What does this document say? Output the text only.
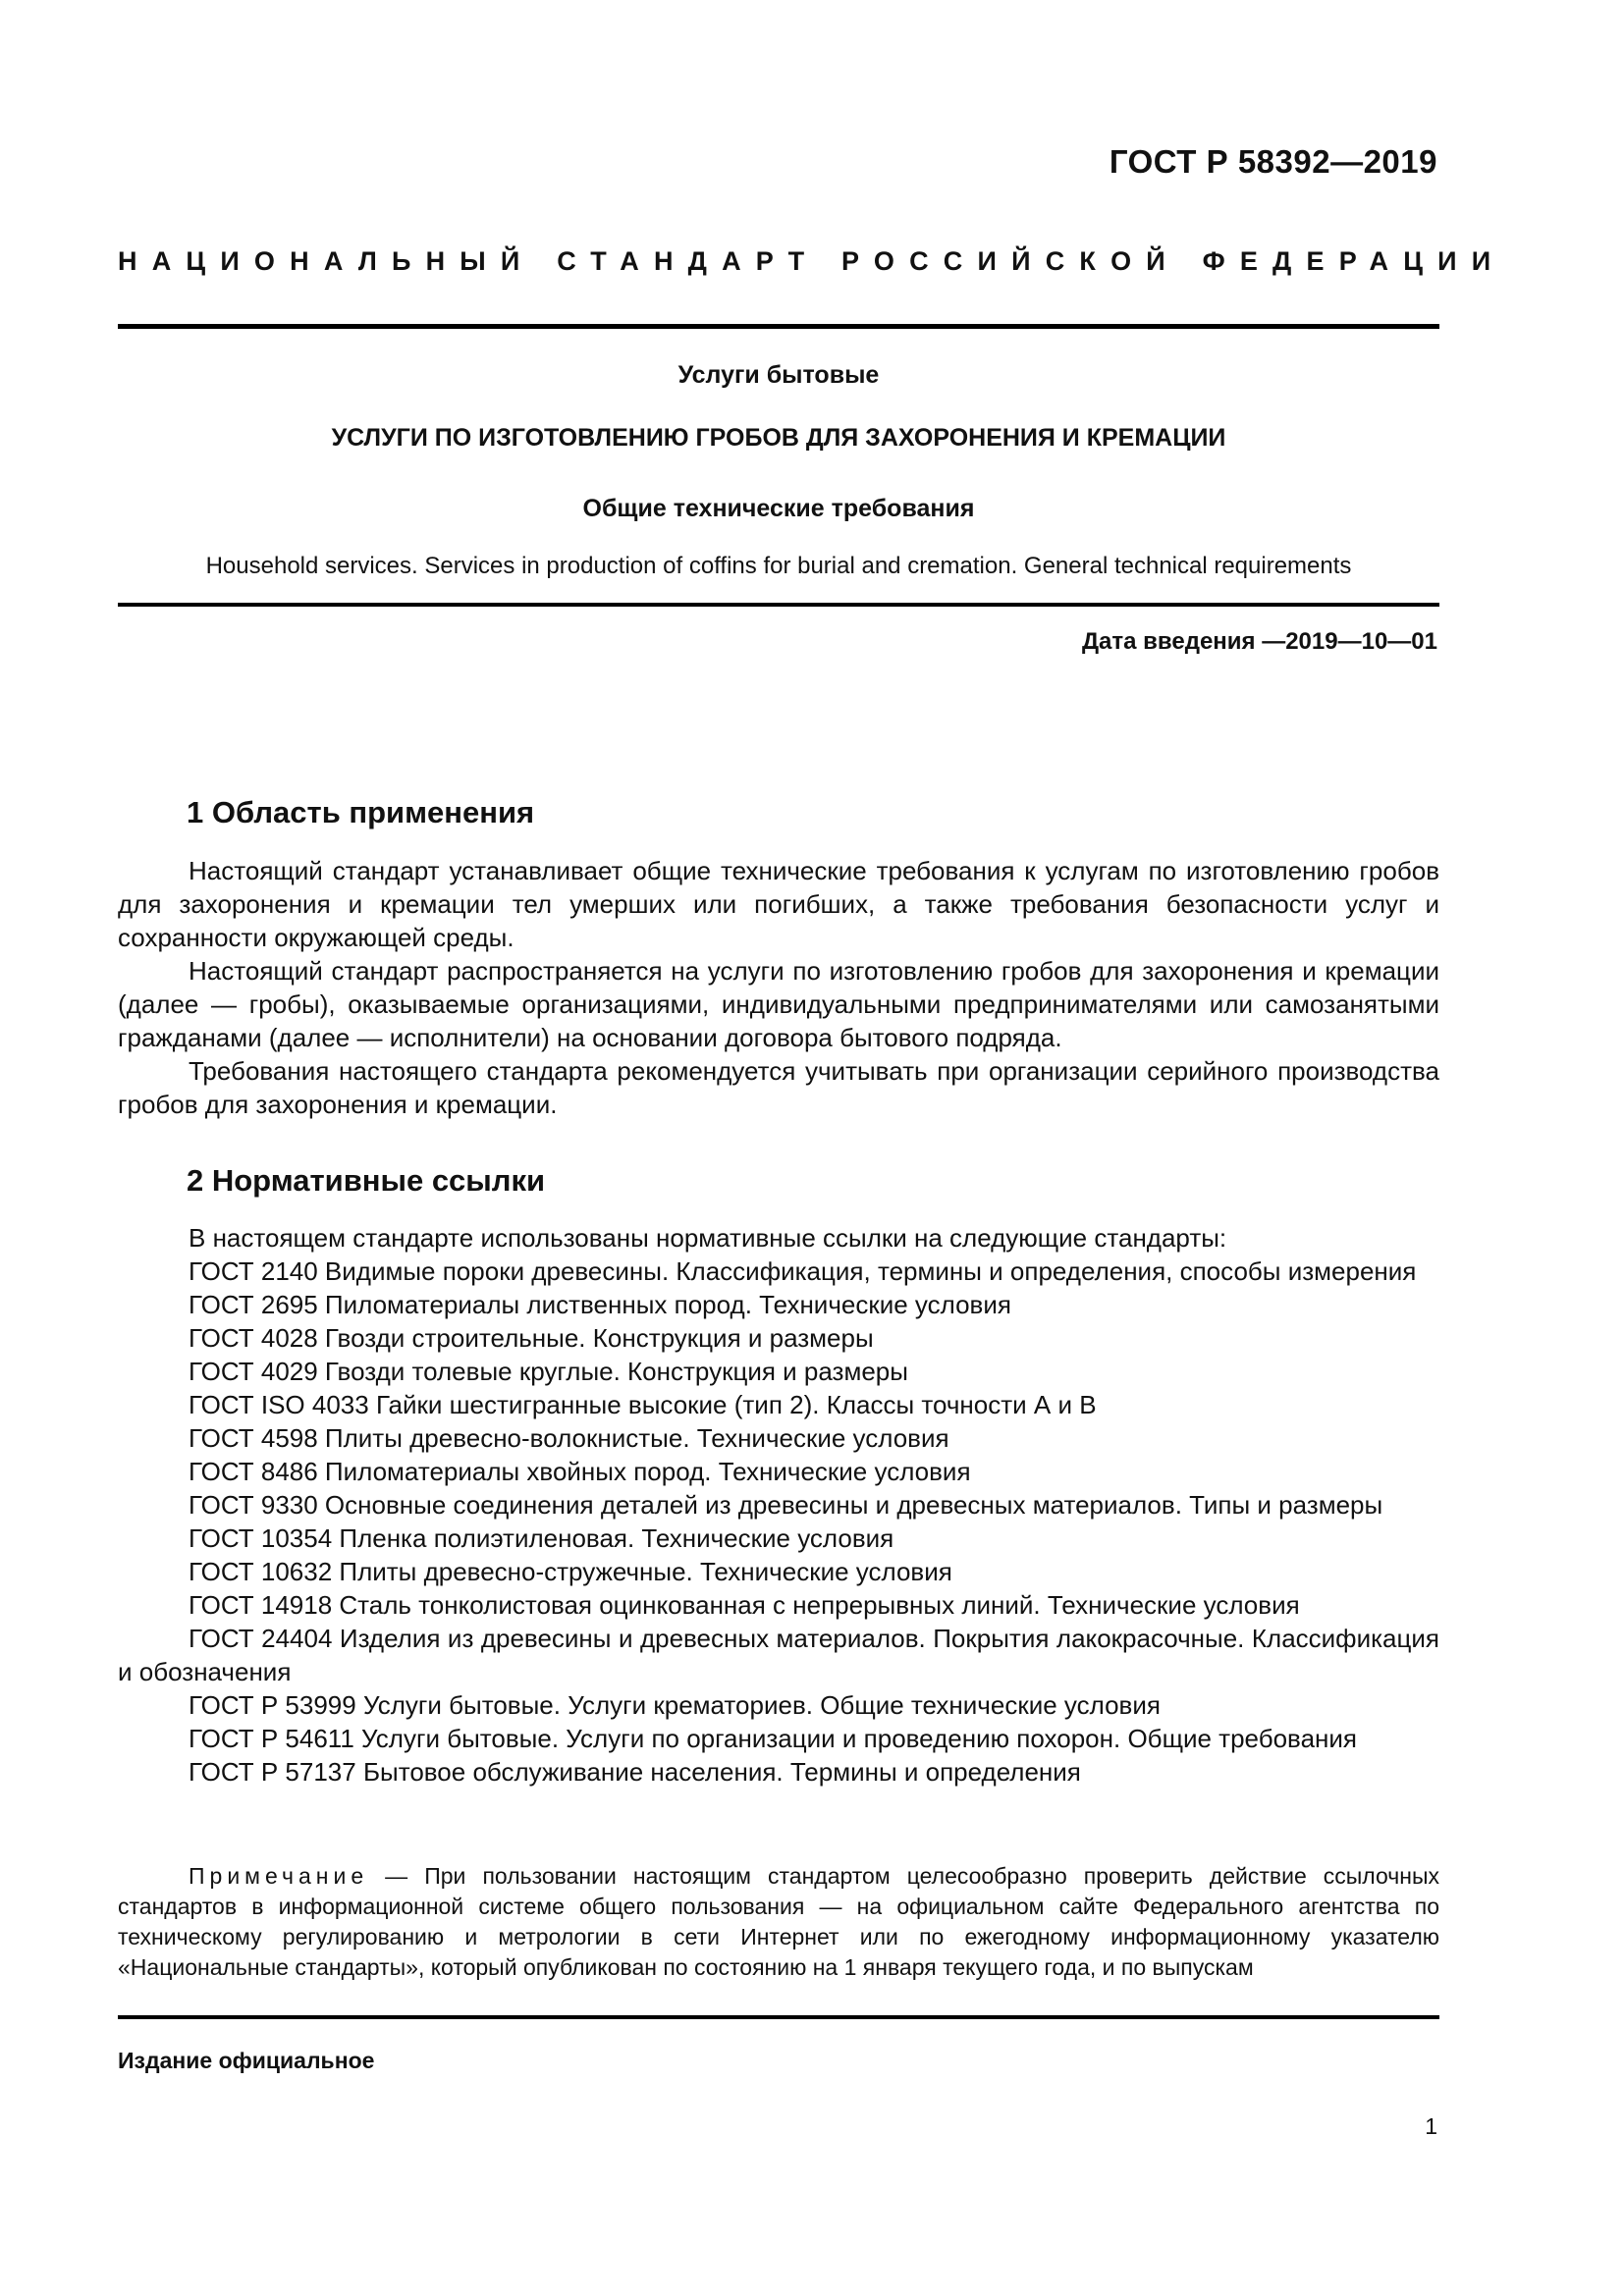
ГОСТ Р 58392—2019
НАЦИОНАЛЬНЫЙ СТАНДАРТ РОССИЙСКОЙ ФЕДЕРАЦИИ
Услуги бытовые
УСЛУГИ ПО ИЗГОТОВЛЕНИЮ ГРОБОВ ДЛЯ ЗАХОРОНЕНИЯ И КРЕМАЦИИ
Общие технические требования
Household services. Services in production of coffins for burial and cremation. General technical requirements
Дата введения —2019—10—01
1 Область применения

Настоящий стандарт устанавливает общие технические требования к услугам по изготовлению гробов для захоронения и кремации тел умерших или погибших, а также требования безопасности услуг и сохранности окружающей среды.

Настоящий стандарт распространяется на услуги по изготовлению гробов для захоронения и кремации (далее — гробы), оказываемые организациями, индивидуальными предпринимателями или самозанятыми гражданами (далее — исполнители) на основании договора бытового подряда.

Требования настоящего стандарта рекомендуется учитывать при организации серийного производства гробов для захоронения и кремации.

2 Нормативные ссылки

В настоящем стандарте использованы нормативные ссылки на следующие стандарты:

ГОСТ 2140 Видимые пороки древесины. Классификация, термины и определения, способы измерения

ГОСТ 2695 Пиломатериалы лиственных пород. Технические условия

ГОСТ 4028 Гвозди строительные. Конструкция и размеры

ГОСТ 4029 Гвозди толевые круглые. Конструкция и размеры

ГОСТ ISO 4033 Гайки шестигранные высокие (тип 2). Классы точности А и В

ГОСТ 4598 Плиты древесно-волокнистые. Технические условия

ГОСТ 8486 Пиломатериалы хвойных пород. Технические условия

ГОСТ 9330 Основные соединения деталей из древесины и древесных материалов. Типы и размеры

ГОСТ 10354 Пленка полиэтиленовая. Технические условия

ГОСТ 10632 Плиты древесно-стружечные. Технические условия

ГОСТ 14918 Сталь тонколистовая оцинкованная с непрерывных линий. Технические условия

ГОСТ 24404 Изделия из древесины и древесных материалов. Покрытия лакокрасочные. Классификация и обозначения

ГОСТ Р 53999 Услуги бытовые. Услуги крематориев. Общие технические условия

ГОСТ Р 54611 Услуги бытовые. Услуги по организации и проведению похорон. Общие требования

ГОСТ Р 57137 Бытовое обслуживание населения. Термины и определения

Примечание — При пользовании настоящим стандартом целесообразно проверить действие ссылочных стандартов в информационной системе общего пользования — на официальном сайте Федерального агентства по техническому регулированию и метрологии в сети Интернет или по ежегодному информационному указателю «Национальные стандарты», который опубликован по состоянию на 1 января текущего года, и по выпускам
Издание официальное
1
